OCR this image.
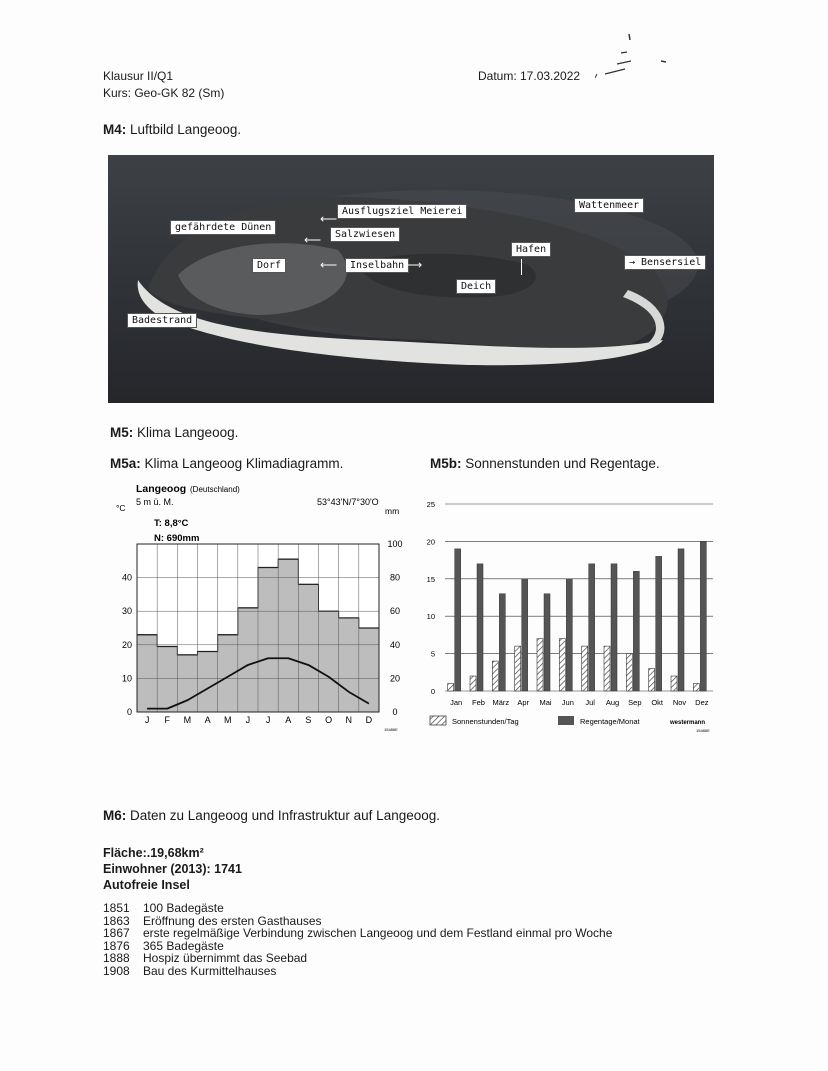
Klausur II/Q1
Kurs: Geo-GK 82 (Sm)
Datum: 17.03.2022
M4: Luftbild Langeoog.
gefährdete Dünen
⟵
Ausflugsziel Meierei
⟵	Salzwiesen
Dorf	⟵	Inselbahn ⟶
Hafen
Wattenmeer
→ Bensersiel
Deich
Badestrand
M5: Klima Langeoog.
M5a: Klima Langeoog Klimadiagramm.	M5b: Sonnenstunden und Regentage.
Langeoog (Deutschland)
5 m ü. M.	53°43'N/7°30'O
°C	mm
T: 8,8°C
N: 690mm
0
10
20
30
40
0
20
40
60
80
100
J F M A M J J A S O N D
15486E
0
5
10
15
20
25
Jan Feb März Apr Mai Jun Jul Aug Sep Okt Nov Dez
Sonnenstunden/Tag	Regentage/Monat	westermann
15486E
M6: Daten zu Langeoog und Infrastruktur auf Langeoog.
Fläche:.19,68km²
Einwohner (2013): 1741
Autofreie Insel
1851 100 Badegäste
1863 Eröffnung des ersten Gasthauses
1867 erste regelmäßige Verbindung zwischen Langeoog und dem Festland einmal pro Woche
1876 365 Badegäste
1888 Hospiz übernimmt das Seebad
1908 Bau des Kurmittelhauses
